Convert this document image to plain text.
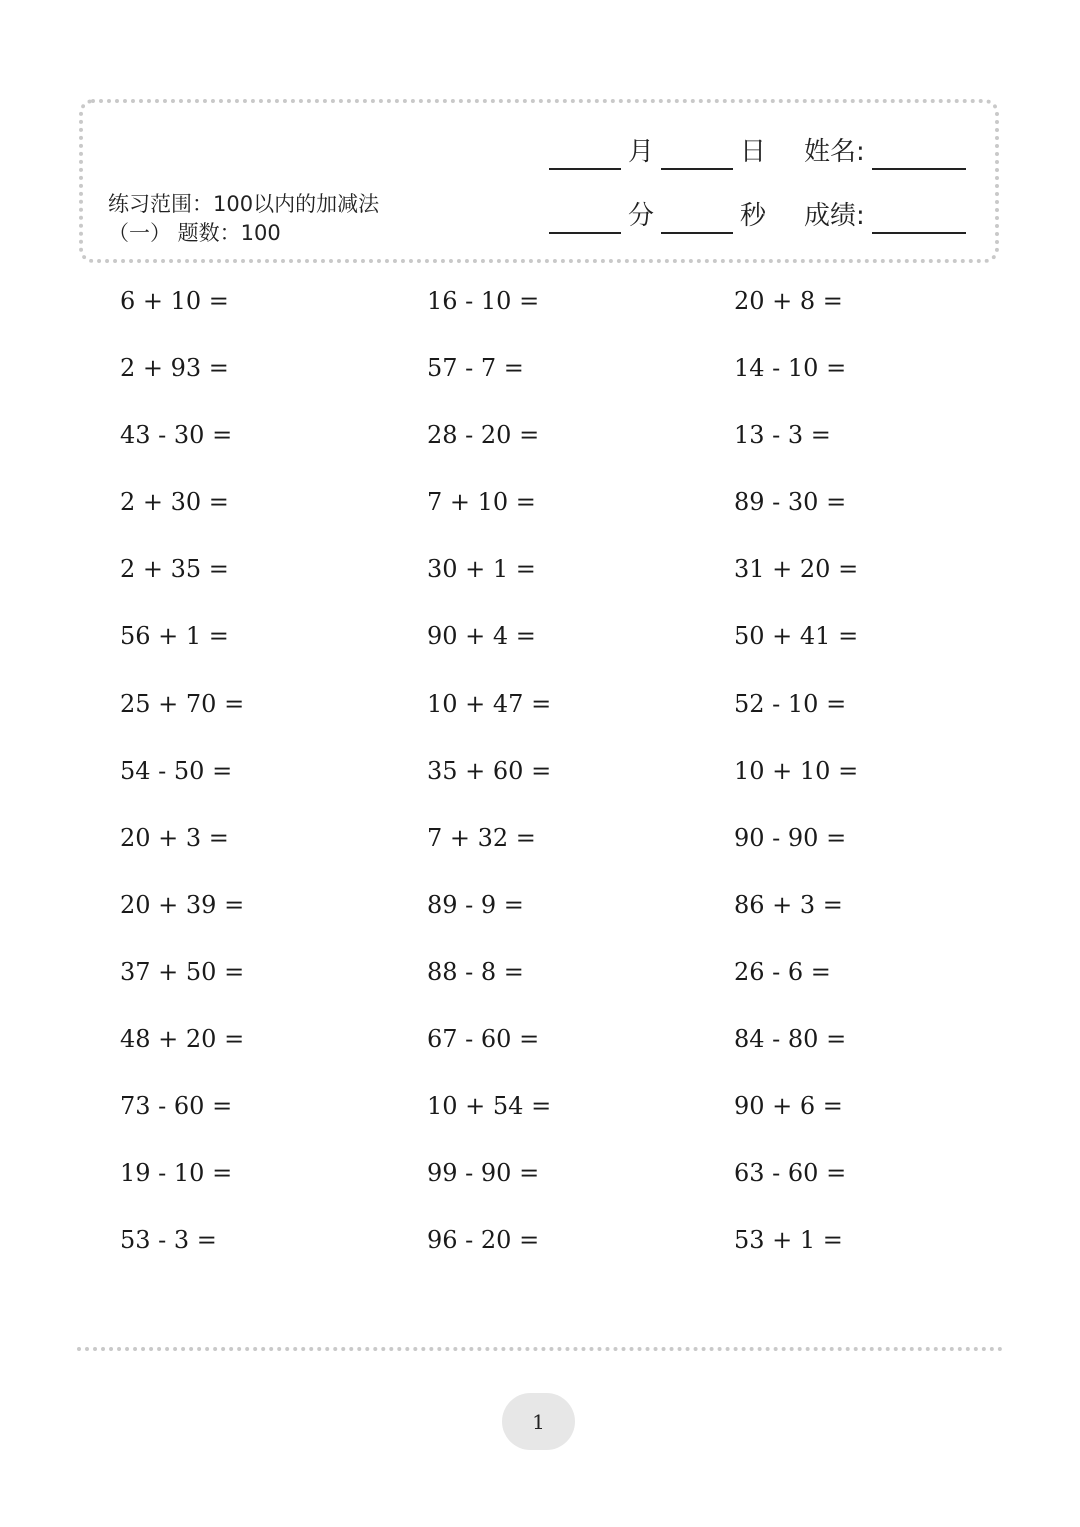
练习范围：100以内的加减法
（一） 题数：100
月	日 姓名:
分	秒 成绩:
6 + 10 =	16 - 10 =	20 + 8 =
2 + 93 =	57 - 7 =	14 - 10 =
43 - 30 =	28 - 20 =	13 - 3 =
2 + 30 =	7 + 10 =	89 - 30 =
2 + 35 =	30 + 1 =	31 + 20 =
56 + 1 =	90 + 4 =	50 + 41 =
25 + 70 =	10 + 47 =	52 - 10 =
54 - 50 =	35 + 60 =	10 + 10 =
20 + 3 =	7 + 32 =	90 - 90 =
20 + 39 =	89 - 9 =	86 + 3 =
37 + 50 =	88 - 8 =	26 - 6 =
48 + 20 =	67 - 60 =	84 - 80 =
73 - 60 =	10 + 54 =	90 + 6 =
19 - 10 =	99 - 90 =	63 - 60 =
53 - 3 =	96 - 20 =	53 + 1 =
1
